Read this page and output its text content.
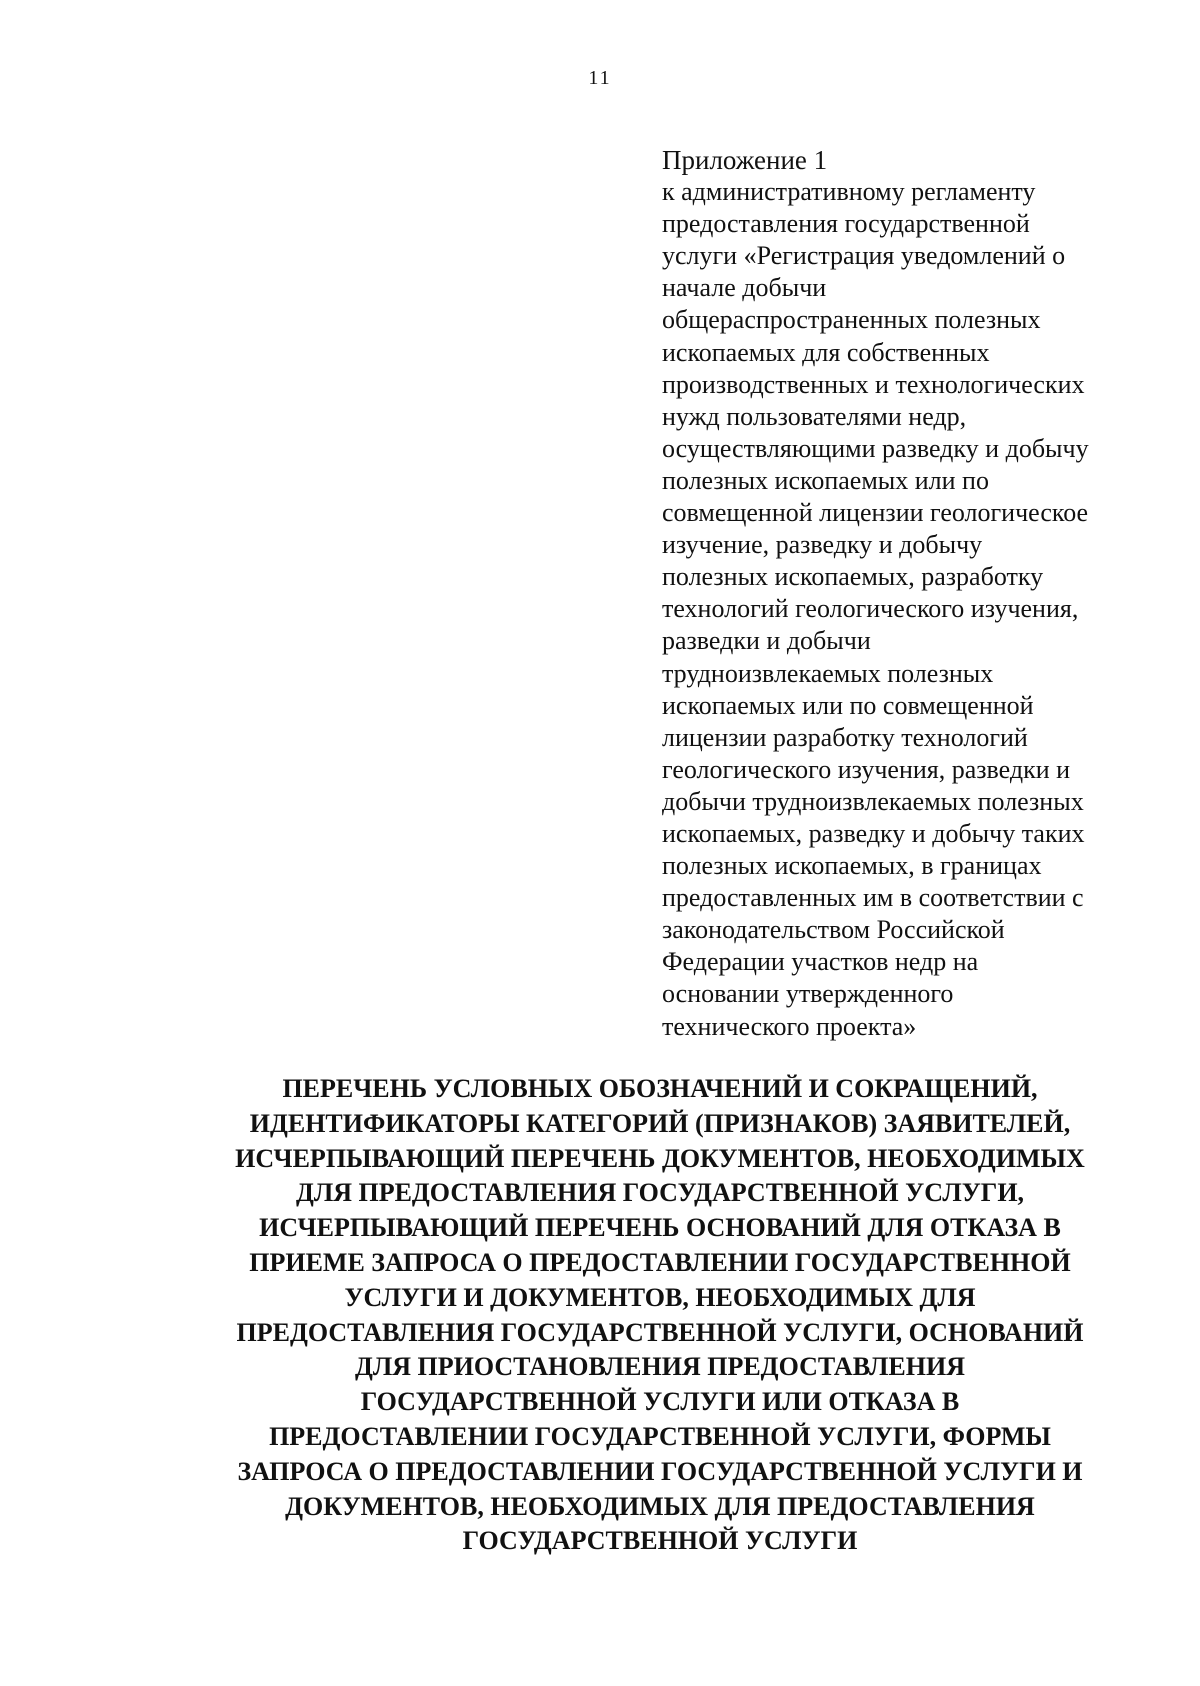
11
Приложение 1
к административному регламенту
предоставления государственной
услуги «Регистрация уведомлений о
начале добычи
общераспространенных полезных
ископаемых для собственных
производственных и технологических
нужд пользователями недр,
осуществляющими разведку и добычу
полезных ископаемых или по
совмещенной лицензии геологическое
изучение, разведку и добычу
полезных ископаемых, разработку
технологий геологического изучения,
разведки и добычи
трудноизвлекаемых полезных
ископаемых или по совмещенной
лицензии разработку технологий
геологического изучения, разведки и
добычи трудноизвлекаемых полезных
ископаемых, разведку и добычу таких
полезных ископаемых, в границах
предоставленных им в соответствии с
законодательством Российской
Федерации участков недр на
основании утвержденного
технического проекта»
ПЕРЕЧЕНЬ УСЛОВНЫХ ОБОЗНАЧЕНИЙ И СОКРАЩЕНИЙ,
ИДЕНТИФИКАТОРЫ КАТЕГОРИЙ (ПРИЗНАКОВ) ЗАЯВИТЕЛЕЙ,
ИСЧЕРПЫВАЮЩИЙ ПЕРЕЧЕНЬ ДОКУМЕНТОВ, НЕОБХОДИМЫХ
ДЛЯ ПРЕДОСТАВЛЕНИЯ ГОСУДАРСТВЕННОЙ УСЛУГИ,
ИСЧЕРПЫВАЮЩИЙ ПЕРЕЧЕНЬ ОСНОВАНИЙ ДЛЯ ОТКАЗА В
ПРИЕМЕ ЗАПРОСА О ПРЕДОСТАВЛЕНИИ ГОСУДАРСТВЕННОЙ
УСЛУГИ И ДОКУМЕНТОВ, НЕОБХОДИМЫХ ДЛЯ
ПРЕДОСТАВЛЕНИЯ ГОСУДАРСТВЕННОЙ УСЛУГИ, ОСНОВАНИЙ
ДЛЯ ПРИОСТАНОВЛЕНИЯ ПРЕДОСТАВЛЕНИЯ
ГОСУДАРСТВЕННОЙ УСЛУГИ ИЛИ ОТКАЗА В
ПРЕДОСТАВЛЕНИИ ГОСУДАРСТВЕННОЙ УСЛУГИ, ФОРМЫ
ЗАПРОСА О ПРЕДОСТАВЛЕНИИ ГОСУДАРСТВЕННОЙ УСЛУГИ И
ДОКУМЕНТОВ, НЕОБХОДИМЫХ ДЛЯ ПРЕДОСТАВЛЕНИЯ
ГОСУДАРСТВЕННОЙ УСЛУГИ
